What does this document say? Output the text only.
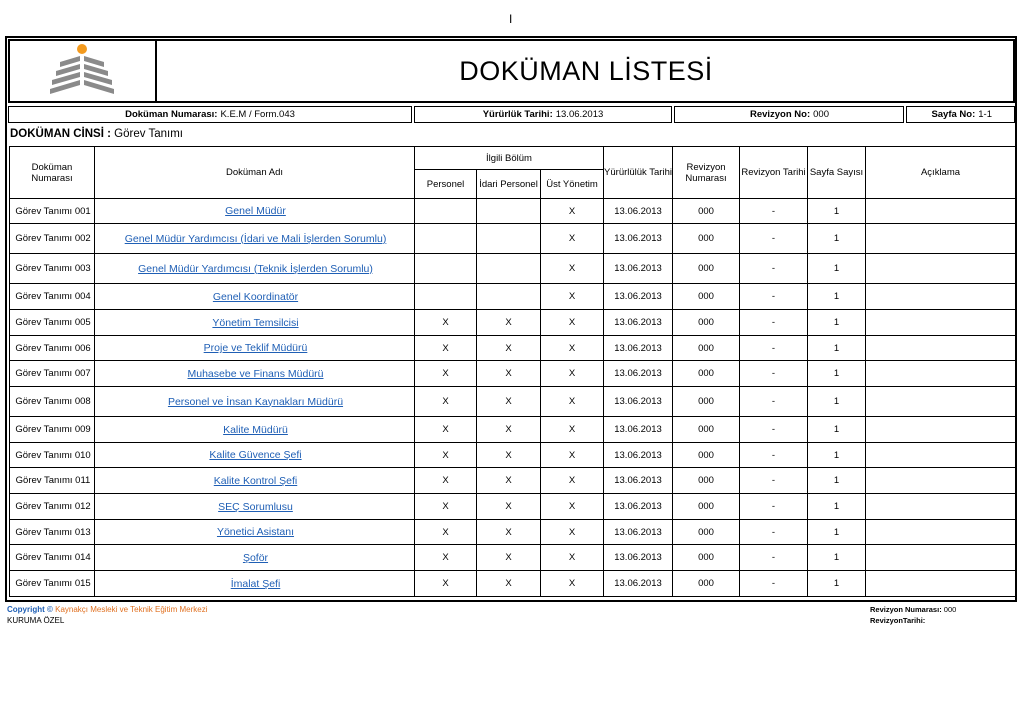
I
DOKÜMAN LİSTESİ
Doküman Numarası: K.E.M / Form.043	Yürürlük Tarihi: 13.06.2013	Revizyon No: 000	Sayfa No: 1-1
DOKÜMAN CİNSİ : Görev Tanımı
Doküman Numarası	Doküman Adı	İlgili Bölüm			Yürürlülük Tarihi	Revizyon Numarası	Revizyon Tarihi	Sayfa Sayısı	Açıklama
		Personel	İdari Personel	Üst Yönetim					
Görev Tanımı 001	Genel Müdür			X	13.06.2013	000	-	1	
Görev Tanımı 002	Genel Müdür Yardımcısı (İdari ve Mali İşlerden Sorumlu)			X	13.06.2013	000	-	1	
Görev Tanımı 003	Genel Müdür Yardımcısı (Teknik İşlerden Sorumlu)			X	13.06.2013	000	-	1	
Görev Tanımı 004	Genel Koordinatör			X	13.06.2013	000	-	1	
Görev Tanımı 005	Yönetim Temsilcisi	X	X	X	13.06.2013	000	-	1	
Görev Tanımı 006	Proje ve Teklif Müdürü	X	X	X	13.06.2013	000	-	1	
Görev Tanımı 007	Muhasebe ve Finans Müdürü	X	X	X	13.06.2013	000	-	1	
Görev Tanımı 008	Personel ve İnsan Kaynakları Müdürü	X	X	X	13.06.2013	000	-	1	
Görev Tanımı 009	Kalite Müdürü	X	X	X	13.06.2013	000	-	1	
Görev Tanımı 010	Kalite Güvence Şefi	X	X	X	13.06.2013	000	-	1	
Görev Tanımı 011	Kalite Kontrol Şefi	X	X	X	13.06.2013	000	-	1	
Görev Tanımı 012	SEÇ Sorumlusu	X	X	X	13.06.2013	000	-	1	
Görev Tanımı 013	Yönetici Asistanı	X	X	X	13.06.2013	000	-	1	
Görev Tanımı 014	Şoför	X	X	X	13.06.2013	000	-	1	
Görev Tanımı 015	İmalat Şefi	X	X	X	13.06.2013	000	-	1	
Copyright © Kaynakçı Mesleki ve Teknik Eğitim Merkezi
KURUMA ÖZEL
Revizyon Numarası: 000
RevizyonTarihi:
